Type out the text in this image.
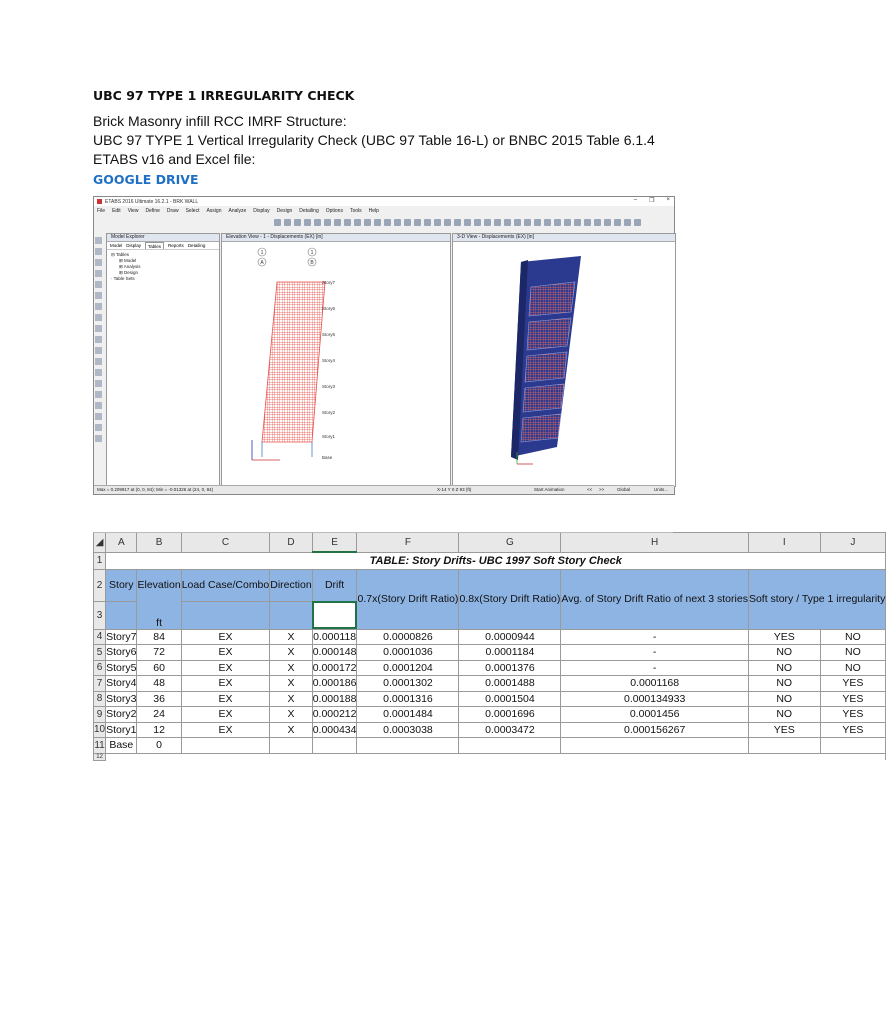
UBC 97 TYPE 1 IRREGULARITY CHECK
Brick Masonry infill RCC IMRF Structure:
UBC 97 TYPE 1 Vertical Irregularity Check (UBC 97 Table 16-L) or BNBC 2015 Table 6.1.4
ETABS v16 and Excel file:
GOOGLE DRIVE
ETABS 2016 Ultimate 16.2.1 - BRK WALL	– ❐ ×
File Edit View Define Draw Select Assign Analyze Display Design Detailing Options Tools Help
Model Explorer
Model Display	Tables	Reports Detailing
⊟ Tables
⊞ Model
⊞ Analysis
⊞ Design
· Table Sets
Elevation View - 1 - Displacements (EX) [in]
1
A
1
B
Story7
Story6
Story5
Story4
Story3
Story2
Story1
Base
3-D View - Displacements (EX) [in]
Max = 0.209917 at (0, 0, 84); Min = -0.01326 at (24, 0, 84)	X-14 Y 0 Z 93 (ft)	Start Animation	<< >>	Global	Units...
◢	A	B	C	D	E	F	G	H	I	J
1	TABLE: Story Drifts- UBC 1997 Soft Story Check									
2	Story	Elevation	Load Case/Combo	Direction	Drift	0.7x(Story Drift Ratio)	0.8x(Story Drift Ratio)	Avg. of Story Drift Ratio of next 3 stories	Soft story / Type 1 irregularity	
3		ft								
4	Story7	84	EX	X	0.000118	0.0000826	0.0000944	-	YES	NO
5	Story6	72	EX	X	0.000148	0.0001036	0.0001184	-	NO	NO
6	Story5	60	EX	X	0.000172	0.0001204	0.0001376	-	NO	NO
7	Story4	48	EX	X	0.000186	0.0001302	0.0001488	0.0001168	NO	YES
8	Story3	36	EX	X	0.000188	0.0001316	0.0001504	0.000134933	NO	YES
9	Story2	24	EX	X	0.000212	0.0001484	0.0001696	0.0001456	NO	YES
10	Story1	12	EX	X	0.000434	0.0003038	0.0003472	0.000156267	YES	YES
11	Base	0								
12										
